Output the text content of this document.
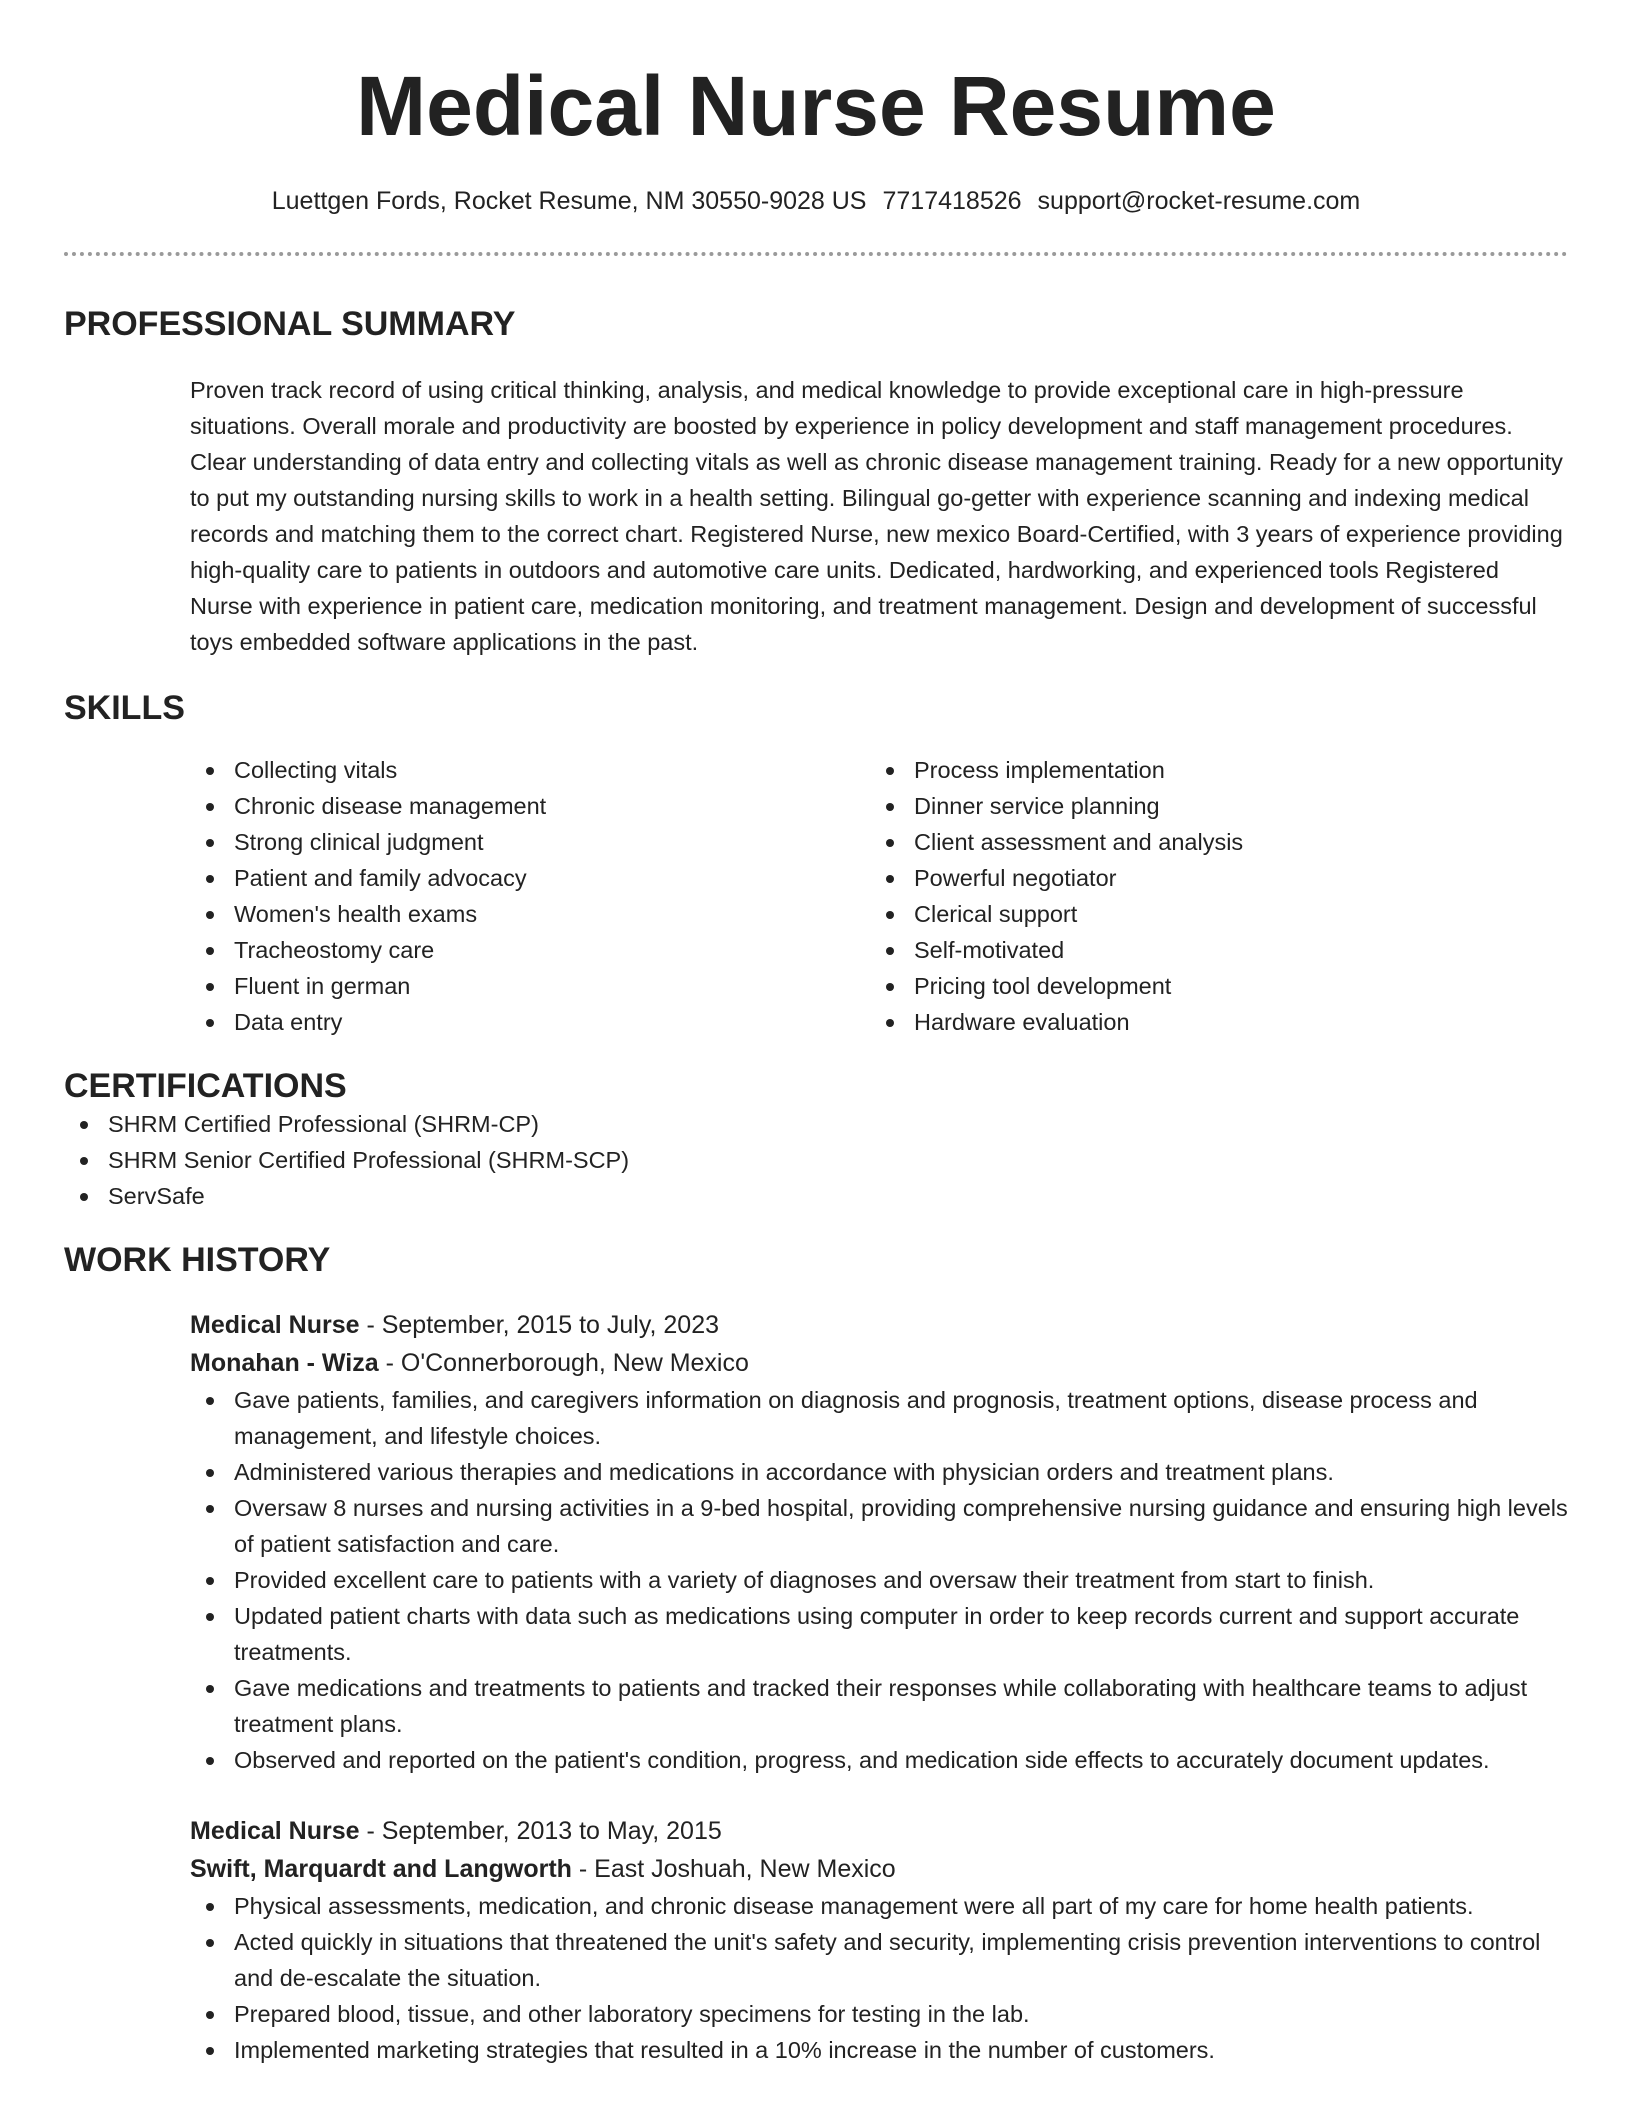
Medical Nurse Resume
Luettgen Fords, Rocket Resume, NM 30550-9028 US 7717418526 support@rocket-resume.com
PROFESSIONAL SUMMARY

Proven track record of using critical thinking, analysis, and medical knowledge to provide exceptional care in high-pressure situations. Overall morale and productivity are boosted by experience in policy development and staff management procedures. Clear understanding of data entry and collecting vitals as well as chronic disease management training. Ready for a new opportunity to put my outstanding nursing skills to work in a health setting. Bilingual go-getter with experience scanning and indexing medical records and matching them to the correct chart. Registered Nurse, new mexico Board-Certified, with 3 years of experience providing high-quality care to patients in outdoors and automotive care units. Dedicated, hardworking, and experienced tools Registered Nurse with experience in patient care, medication monitoring, and treatment management. Design and development of successful toys embedded software applications in the past.

SKILLS
Collecting vitals
Chronic disease management
Strong clinical judgment
Patient and family advocacy
Women's health exams
Tracheostomy care
Fluent in german
Data entry
Process implementation
Dinner service planning
Client assessment and analysis
Powerful negotiator
Clerical support
Self-motivated
Pricing tool development
Hardware evaluation
CERTIFICATIONS
SHRM Certified Professional (SHRM-CP)
SHRM Senior Certified Professional (SHRM-SCP)
ServSafe
WORK HISTORY
Medical Nurse - September, 2015 to July, 2023
Monahan - Wiza - O'Connerborough, New Mexico
Gave patients, families, and caregivers information on diagnosis and prognosis, treatment options, disease process and management, and lifestyle choices.
Administered various therapies and medications in accordance with physician orders and treatment plans.
Oversaw 8 nurses and nursing activities in a 9-bed hospital, providing comprehensive nursing guidance and ensuring high levels of patient satisfaction and care.
Provided excellent care to patients with a variety of diagnoses and oversaw their treatment from start to finish.
Updated patient charts with data such as medications using computer in order to keep records current and support accurate treatments.
Gave medications and treatments to patients and tracked their responses while collaborating with healthcare teams to adjust treatment plans.
Observed and reported on the patient's condition, progress, and medication side effects to accurately document updates.
Medical Nurse - September, 2013 to May, 2015
Swift, Marquardt and Langworth - East Joshuah, New Mexico
Physical assessments, medication, and chronic disease management were all part of my care for home health patients.
Acted quickly in situations that threatened the unit's safety and security, implementing crisis prevention interventions to control and de-escalate the situation.
Prepared blood, tissue, and other laboratory specimens for testing in the lab.
Implemented marketing strategies that resulted in a 10% increase in the number of customers.
